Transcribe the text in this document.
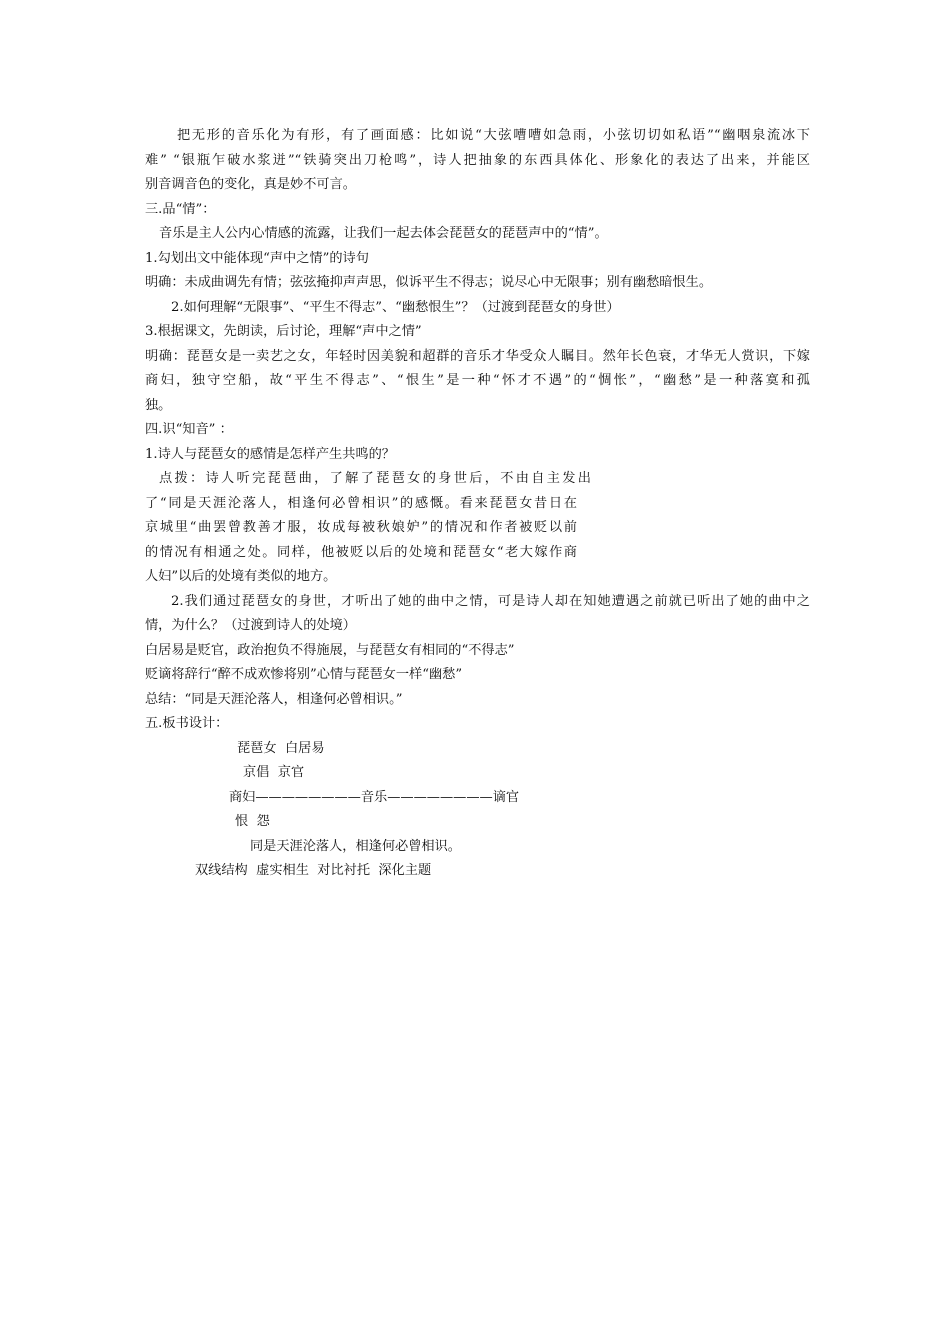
把无形的音乐化为有形，有了画面感：比如说“大弦嘈嘈如急雨，小弦切切如私语”“幽咽泉流冰下
难” “银瓶乍破水浆迸”“铁骑突出刀枪鸣”，诗人把抽象的东西具体化、形象化的表达了出来，并能区
别音调音色的变化，真是妙不可言。
三.品“情”：
音乐是主人公内心情感的流露，让我们一起去体会琵琶女的琵琶声中的“情”。
1.勾划出文中能体现“声中之情”的诗句
明确：未成曲调先有情；弦弦掩抑声声思，似诉平生不得志；说尽心中无限事；别有幽愁暗恨生。
2.如何理解“无限事”、“平生不得志”、“幽愁恨生”？（过渡到琵琶女的身世）
3.根据课文，先朗读，后讨论，理解“声中之情”
明确：琵琶女是一卖艺之女，年轻时因美貌和超群的音乐才华受众人瞩目。然年长色衰，才华无人赏识，下嫁
商妇，独守空船，故“平生不得志”、“恨生”是一种“怀才不遇”的“惆怅”，“幽愁”是一种落寞和孤
独。
四.识“知音” ：
1.诗人与琵琶女的感情是怎样产生共鸣的？
点拨：诗人听完琵琶曲，了解了琵琶女的身世后，不由自主发出
了“同是天涯沦落人，相逢何必曾相识”的感慨。看来琵琶女昔日在
京城里“曲罢曾教善才服，妆成每被秋娘妒”的情况和作者被贬以前
的情况有相通之处。同样，他被贬以后的处境和琵琶女“老大嫁作商
人妇”以后的处境有类似的地方。
2.我们通过琵琶女的身世，才听出了她的曲中之情，可是诗人却在知她遭遇之前就已听出了她的曲中之
情，为什么？（过渡到诗人的处境）
白居易是贬官，政治抱负不得施展，与琵琶女有相同的“不得志”
贬谪将辞行“醉不成欢惨将别”心情与琵琶女一样“幽愁”
总结：“同是天涯沦落人，相逢何必曾相识。”
五.板书设计：
琵琶女  白居易
京倡  京官
商妇————————音乐————————谪官
恨  怨
同是天涯沦落人，相逢何必曾相识。
双线结构  虚实相生  对比衬托  深化主题
